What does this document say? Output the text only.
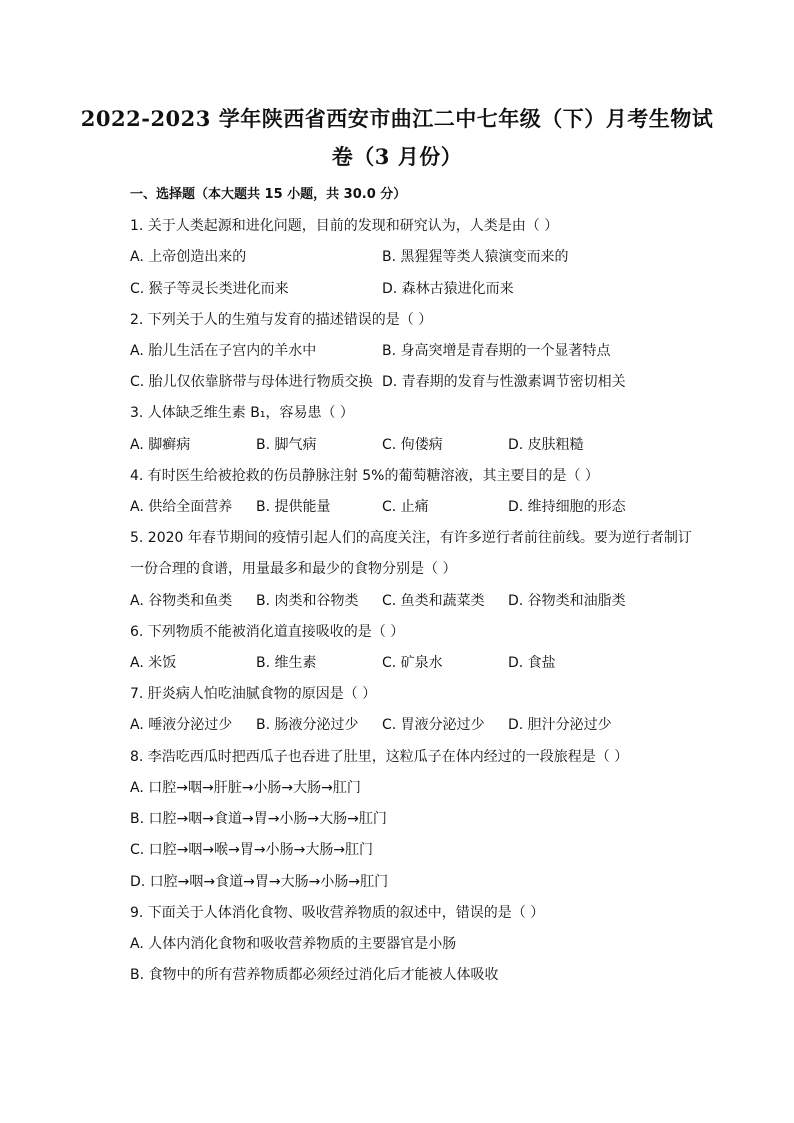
2022-2023 学年陕西省西安市曲江二中七年级（下）月考生物试
卷（3 月份）
一、选择题（本大题共 15 小题，共 30.0 分）
1. 关于人类起源和进化问题，目前的发现和研究认为，人类是由（ ）
A. 上帝创造出来的	B. 黑猩猩等类人猿演变而来的
C. 猴子等灵长类进化而来	D. 森林古猿进化而来
2. 下列关于人的生殖与发育的描述错误的是（ ）
A. 胎儿生活在子宫内的羊水中	B. 身高突增是青春期的一个显著特点
C. 胎儿仅依靠脐带与母体进行物质交换 D. 青春期的发育与性激素调节密切相关
3. 人体缺乏维生素 B₁，容易患（ ）
A. 脚癣病	B. 脚气病	C. 佝偻病	D. 皮肤粗糙
4. 有时医生给被抢救的伤员静脉注射 5%的葡萄糖溶液，其主要目的是（ ）
A. 供给全面营养 B. 提供能量	C. 止痛	D. 维持细胞的形态
5. 2020 年春节期间的疫情引起人们的高度关注，有许多逆行者前往前线。要为逆行者制订
一份合理的食谱，用量最多和最少的食物分别是（ ）
A. 谷物类和鱼类 B. 肉类和谷物类 C. 鱼类和蔬菜类 D. 谷物类和油脂类
6. 下列物质不能被消化道直接吸收的是（ ）
A. 米饭	B. 维生素	C. 矿泉水	D. 食盐
7. 肝炎病人怕吃油腻食物的原因是（ ）
A. 唾液分泌过少 B. 肠液分泌过少 C. 胃液分泌过少 D. 胆汁分泌过少
8. 李浩吃西瓜时把西瓜子也吞进了肚里，这粒瓜子在体内经过的一段旅程是（ ）
A. 口腔→咽→肝脏→小肠→大肠→肛门
B. 口腔→咽→食道→胃→小肠→大肠→肛门
C. 口腔→咽→喉→胃→小肠→大肠→肛门
D. 口腔→咽→食道→胃→大肠→小肠→肛门
9. 下面关于人体消化食物、吸收营养物质的叙述中，错误的是（ ）
A. 人体内消化食物和吸收营养物质的主要器官是小肠
B. 食物中的所有营养物质都必须经过消化后才能被人体吸收
